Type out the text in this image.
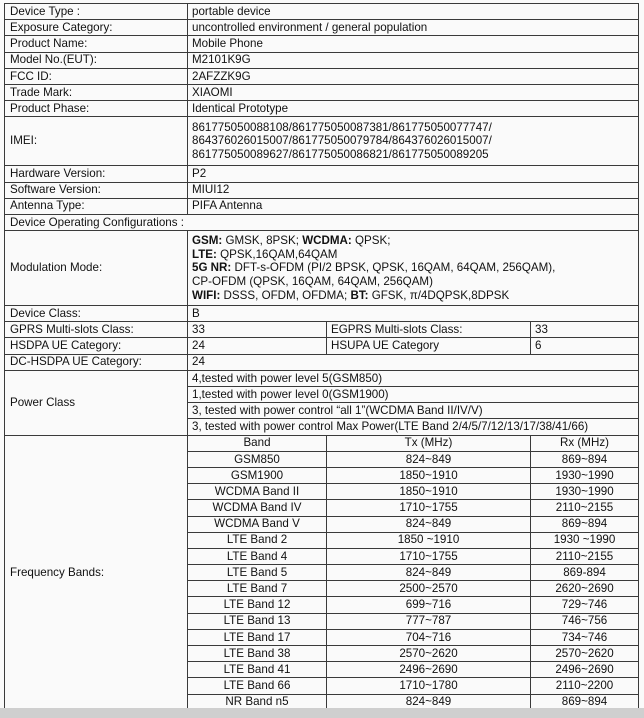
Device Type :	portable device		
Exposure Category:	uncontrolled environment / general population		
Product Name:	Mobile Phone		
Model No.(EUT):	M2101K9G		
FCC ID:	2AFZZK9G		
Trade Mark:	XIAOMI		
Product Phase:	Identical Prototype		
IMEI:	861775050088108/861775050087381/861775050077747/
864376026015007/861775050079784/864376026015007/
861775050089627/861775050086821/861775050089205		

Hardware Version:	P2		
Software Version:	MIUI12		
Antenna Type:	PIFA Antenna		
Device Operating Configurations :			
Modulation Mode:	GSM: GMSK, 8PSK; WCDMA: QPSK;
LTE: QPSK,16QAM,64QAM
5G NR: DFT-s-OFDM (PI/2 BPSK, QPSK, 16QAM, 64QAM, 256QAM),
CP-OFDM (QPSK, 16QAM, 64QAM, 256QAM)
WIFI: DSSS, OFDM, OFDMA; BT: GFSK, π/4DQPSK,8DPSK		

Device Class:	B		
GPRS Multi-slots Class:	33	EGPRS Multi-slots Class:	33
HSDPA UE Category:	24	HSUPA UE Category	6
DC-HSDPA UE Category:	24		
Power Class	4,tested with power level 5(GSM850)		
	1,tested with power level 0(GSM1900)		
	3, tested with power control “all 1”(WCDMA Band II/IV/V)		
	3, tested with power control Max Power(LTE Band 2/4/5/7/12/13/17/38/41/66)		
Frequency Bands:	Band	Tx (MHz)	Rx (MHz)
	GSM850	824~849	869~894
	GSM1900	1850~1910	1930~1990
	WCDMA Band II	1850~1910	1930~1990
	WCDMA Band IV	1710~1755	2110~2155
	WCDMA Band V	824~849	869~894
	LTE Band 2	1850 ~1910	1930 ~1990
	LTE Band 4	1710~1755	2110~2155
	LTE Band 5	824~849	869-894
	LTE Band 7	2500~2570	2620~2690
	LTE Band 12	699~716	729~746
	LTE Band 13	777~787	746~756
	LTE Band 17	704~716	734~746
	LTE Band 38	2570~2620	2570~2620
	LTE Band 41	2496~2690	2496~2690
	LTE Band 66	1710~1780	2110~2200
	NR Band n5	824~849	869~894
